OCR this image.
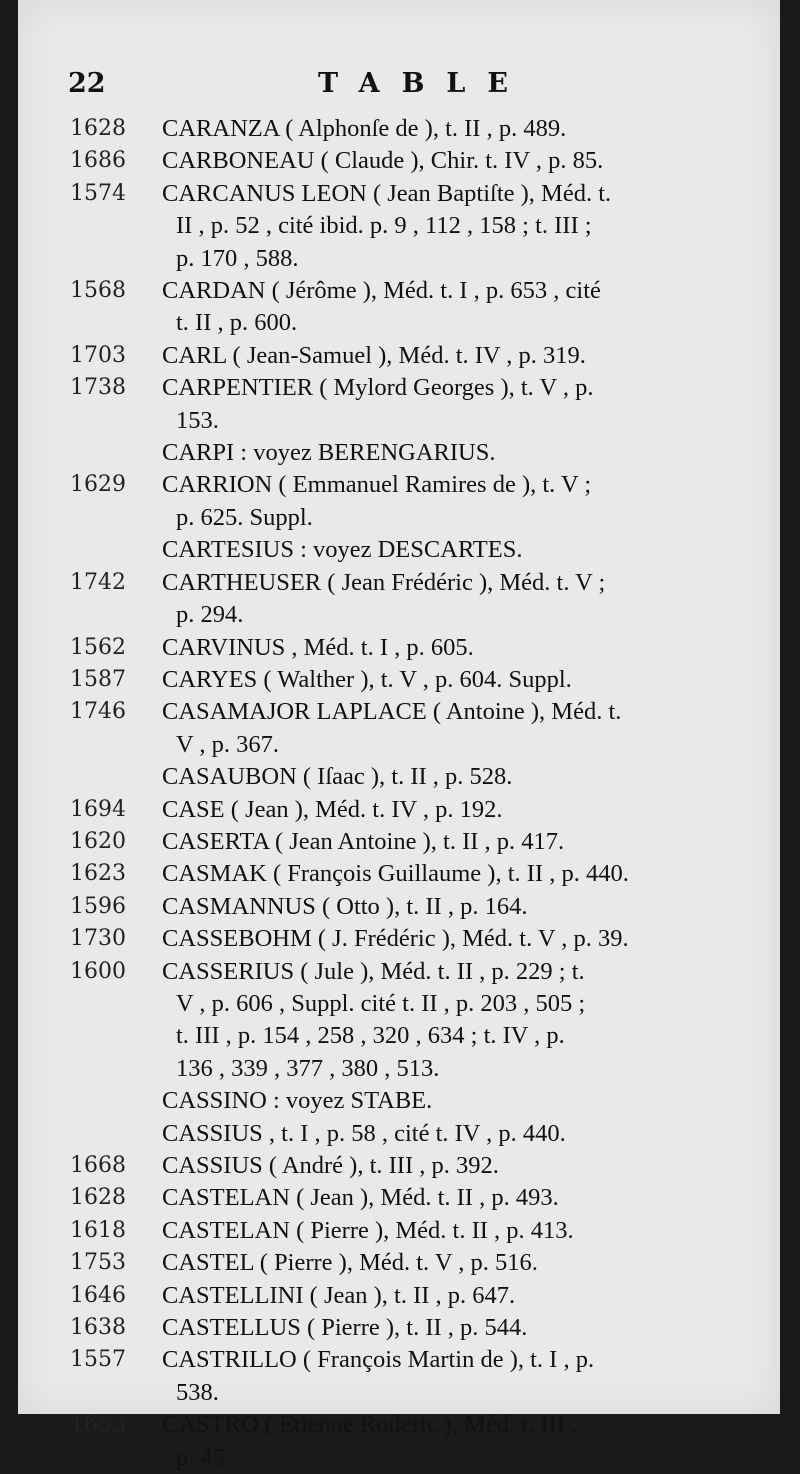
22	TABLE
1628	CARANZA ( Alphonſe de ), t. II , p. 489.
1686	CARBONEAU ( Claude ), Chir. t. IV , p. 85.
1574	CARCANUS LEON ( Jean Baptiſte ), Méd. t.
II , p. 52 , cité ibid. p. 9 , 112 , 158 ; t. III ;
p. 170 , 588.
1568	CARDAN ( Jérôme ), Méd. t. I , p. 653 , cité
t. II , p. 600.
1703	CARL ( Jean-Samuel ), Méd. t. IV , p. 319.
1738	CARPENTIER ( Mylord Georges ), t. V , p.
153.
CARPI : voyez BERENGARIUS.
1629	CARRION ( Emmanuel Ramires de ), t. V ;
p. 625. Suppl.
CARTESIUS : voyez DESCARTES.
1742	CARTHEUSER ( Jean Frédéric ), Méd. t. V ;
p. 294.
1562	CARVINUS , Méd. t. I , p. 605.
1587	CARYES ( Walther ), t. V , p. 604. Suppl.
1746	CASAMAJOR LAPLACE ( Antoine ), Méd. t.
V , p. 367.
CASAUBON ( Iſaac ), t. II , p. 528.
1694	CASE ( Jean ), Méd. t. IV , p. 192.
1620	CASERTA ( Jean Antoine ), t. II , p. 417.
1623	CASMAK ( François Guillaume ), t. II , p. 440.
1596	CASMANNUS ( Otto ), t. II , p. 164.
1730	CASSEBOHM ( J. Frédéric ), Méd. t. V , p. 39.
1600	CASSERIUS ( Jule ), Méd. t. II , p. 229 ; t.
V , p. 606 , Suppl. cité t. II , p. 203 , 505 ;
t. III , p. 154 , 258 , 320 , 634 ; t. IV , p.
136 , 339 , 377 , 380 , 513.
CASSINO : voyez STABE.
CASSIUS , t. I , p. 58 , cité t. IV , p. 440.
1668	CASSIUS ( André ), t. III , p. 392.
1628	CASTELAN ( Jean ), Méd. t. II , p. 493.
1618	CASTELAN ( Pierre ), Méd. t. II , p. 413.
1753	CASTEL ( Pierre ), Méd. t. V , p. 516.
1646	CASTELLINI ( Jean ), t. II , p. 647.
1638	CASTELLUS ( Pierre ), t. II , p. 544.
1557	CASTRILLO ( François Martin de ), t. I , p.
538.
1653	CASTRO ( Etienne Roderic ), Méd. t. III ,
p. 45.
